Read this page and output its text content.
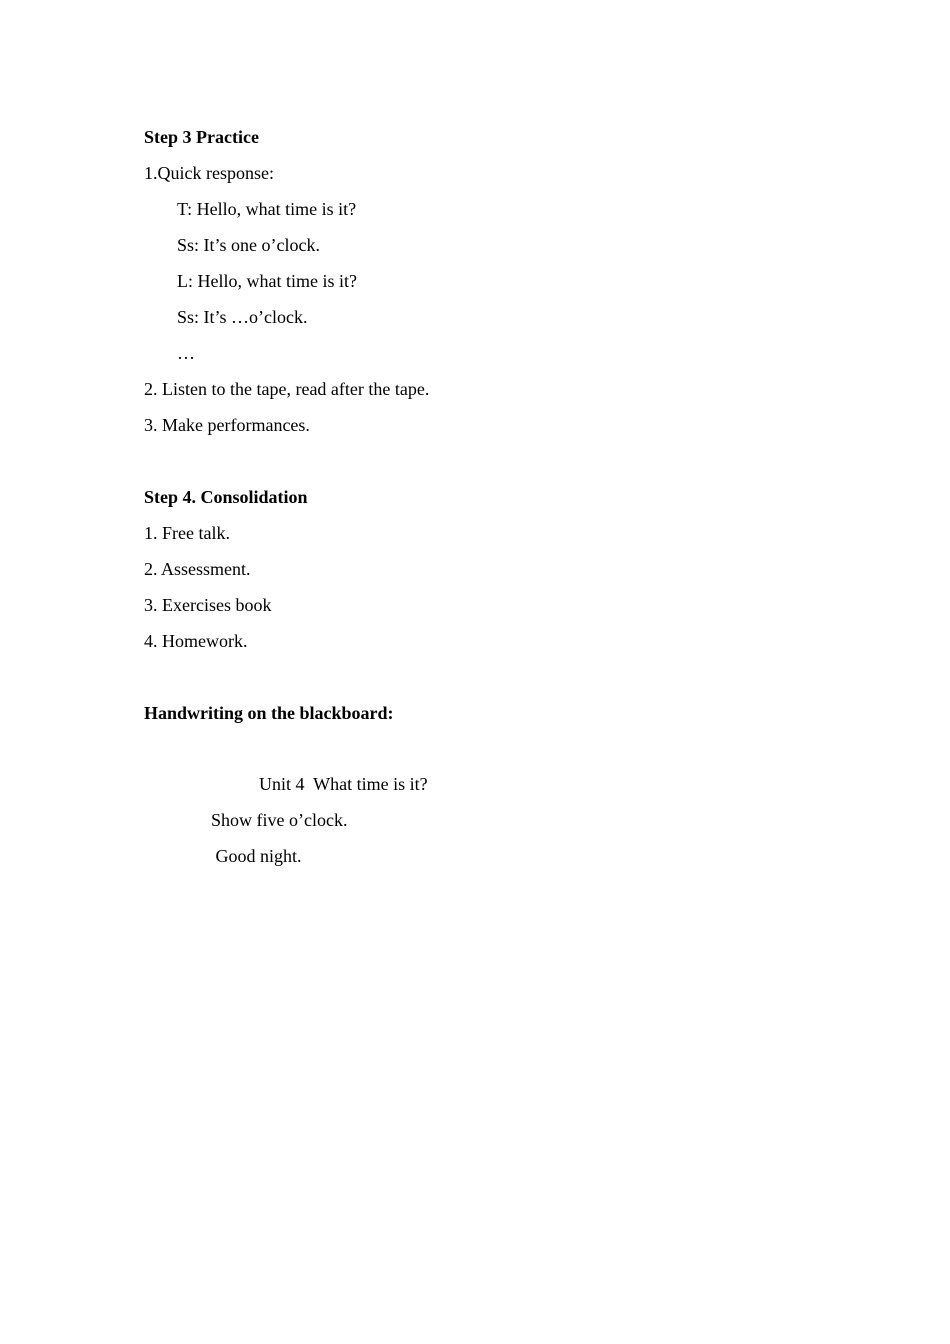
Step 3 Practice
1.Quick response:
T: Hello, what time is it?
Ss: It’s one o’clock.
L: Hello, what time is it?
Ss: It’s …o’clock.
…
2. Listen to the tape, read after the tape.
3. Make performances.
Step 4. Consolidation
1. Free talk.
2. Assessment.
3. Exercises book
4. Homework.
Handwriting on the blackboard:
Unit 4  What time is it?
Show five o’clock.
Good night.
